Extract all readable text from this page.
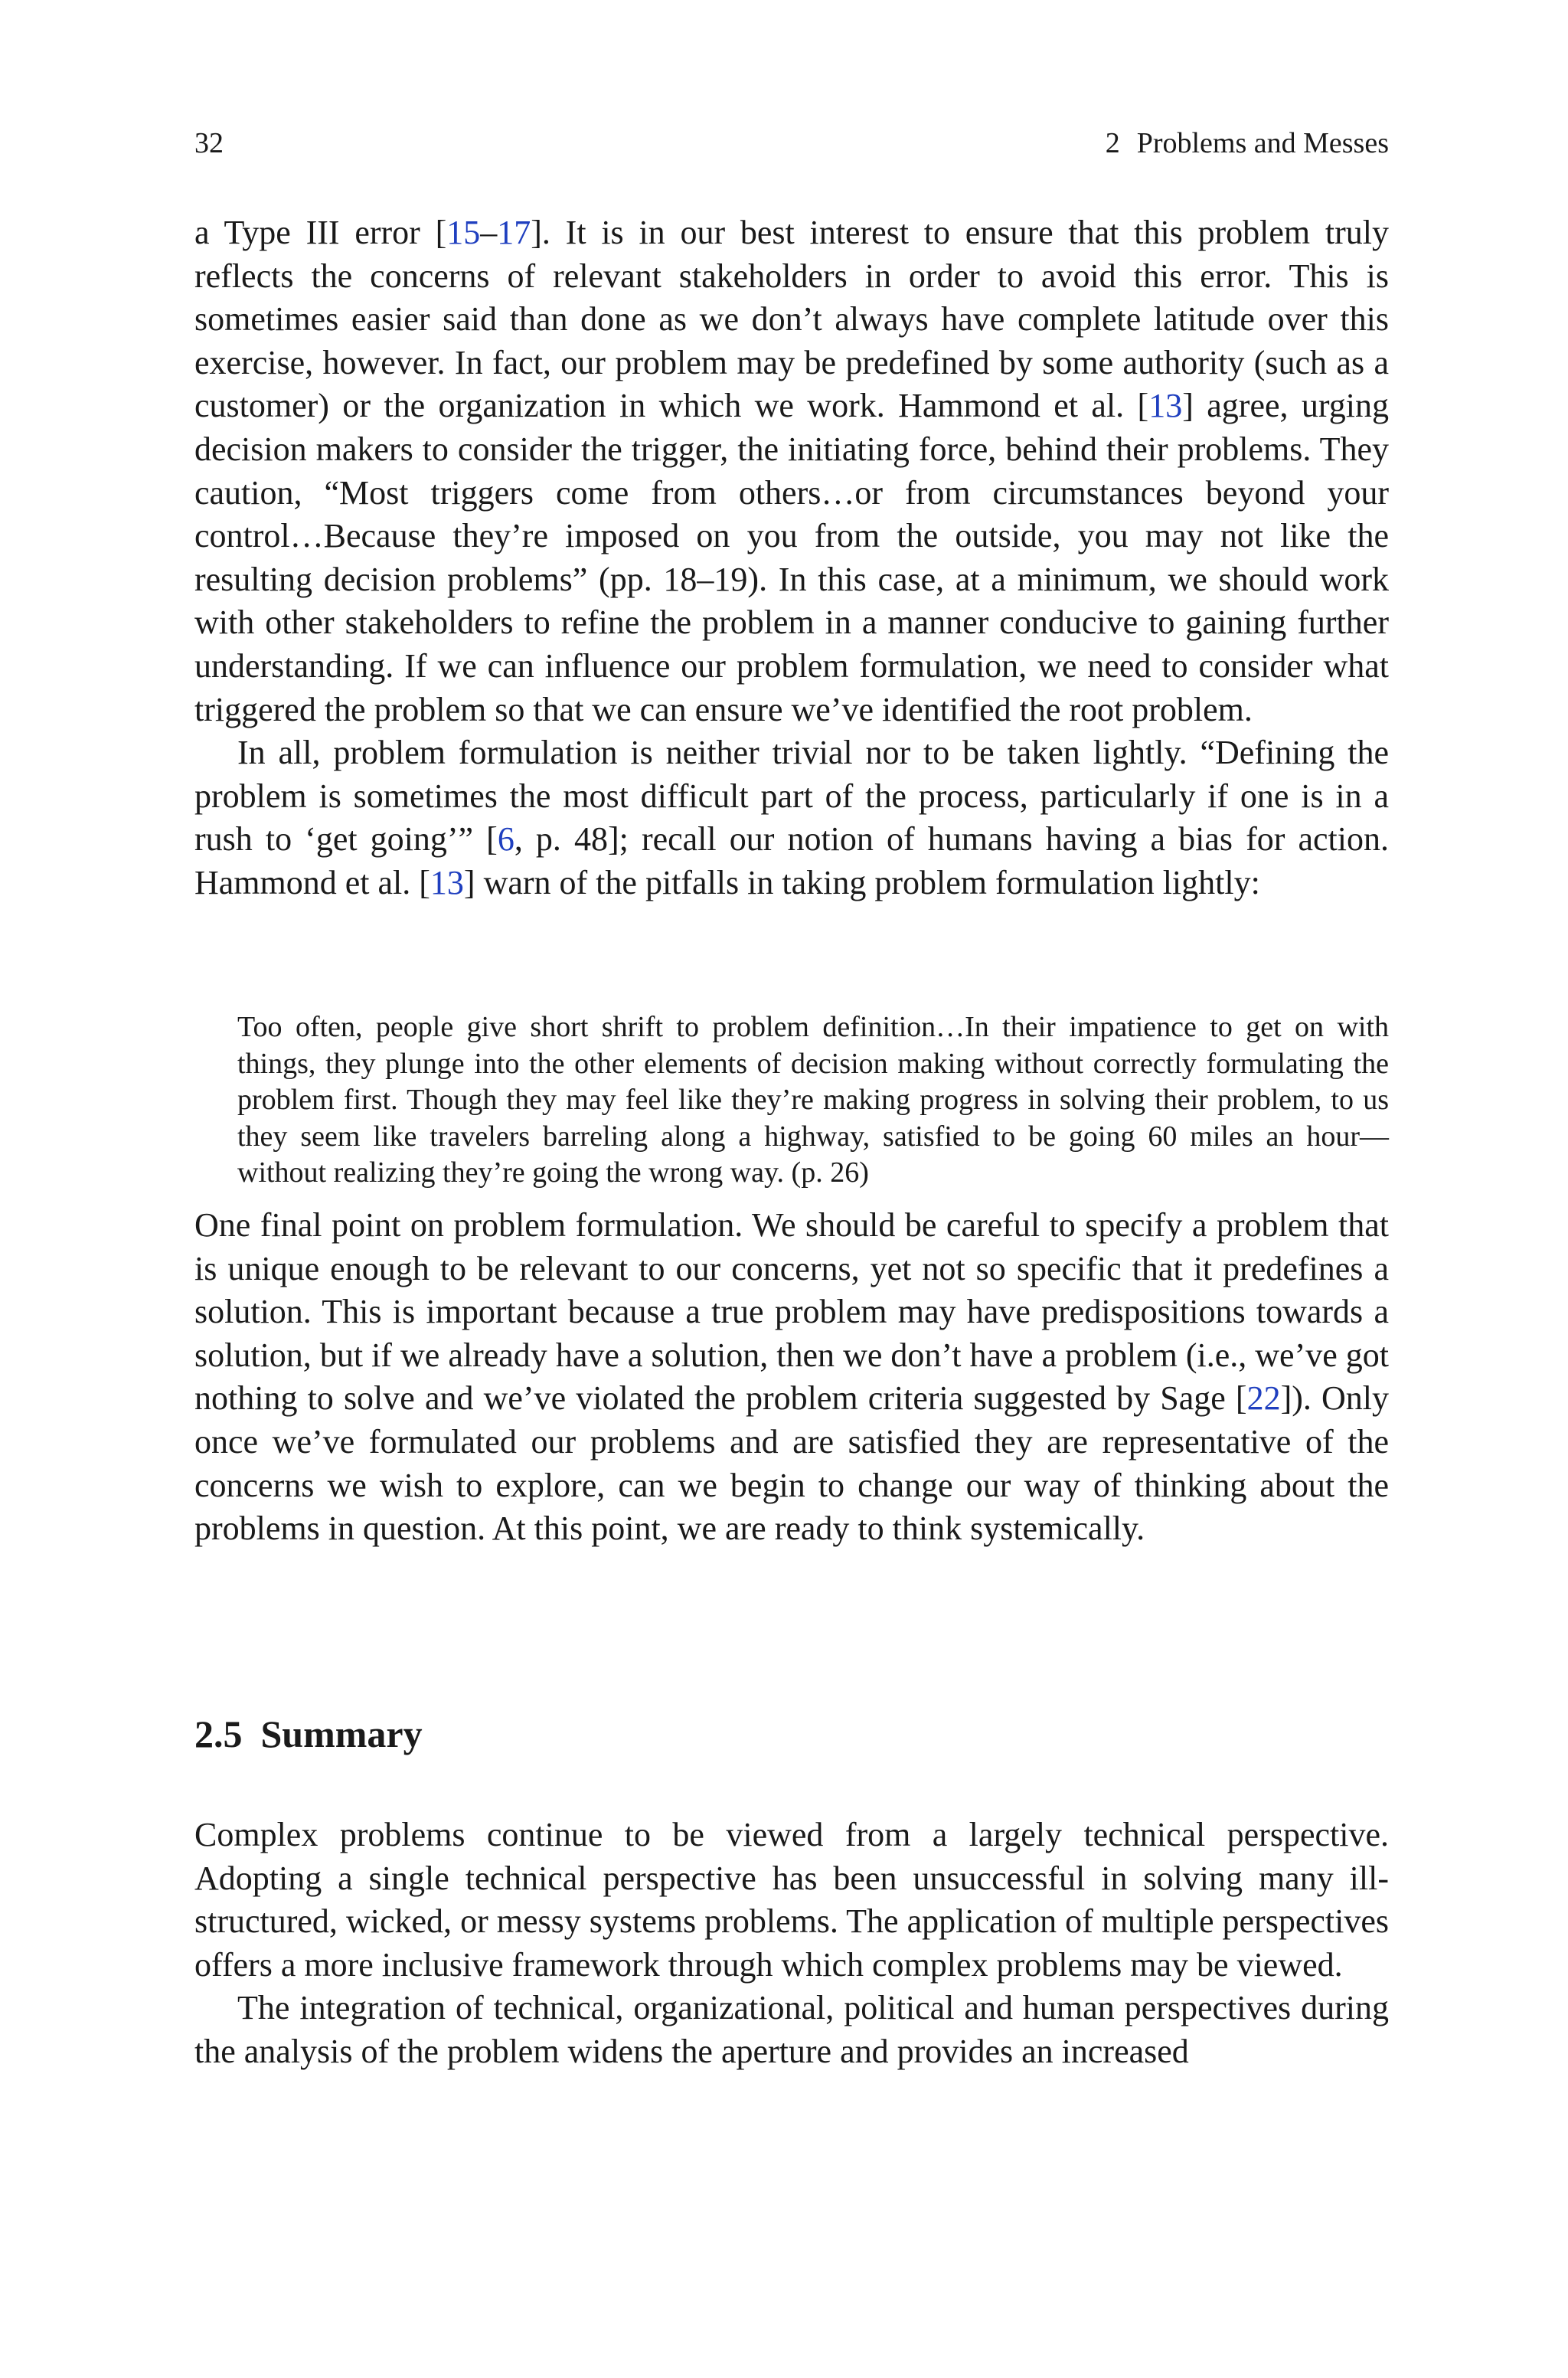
32	2 Problems and Messes

a Type III error [15–17]. It is in our best interest to ensure that this problem truly reflects the concerns of relevant stakeholders in order to avoid this error. This is sometimes easier said than done as we don’t always have complete latitude over this exercise, however. In fact, our problem may be predefined by some authority (such as a customer) or the organization in which we work. Hammond et al. [13] agree, urging decision makers to consider the trigger, the initiating force, behind their problems. They caution, “Most triggers come from others…or from circumstances beyond your control…Because they’re imposed on you from the outside, you may not like the resulting decision problems” (pp. 18–19). In this case, at a minimum, we should work with other stakeholders to refine the problem in a manner conducive to gaining further understanding. If we can influence our problem formulation, we need to consider what triggered the problem so that we can ensure we’ve identified the root problem.

In all, problem formulation is neither trivial nor to be taken lightly. “Defining the problem is sometimes the most difficult part of the process, particularly if one is in a rush to ‘get going’” [6, p. 48]; recall our notion of humans having a bias for action. Hammond et al. [13] warn of the pitfalls in taking problem formulation lightly:

Too often, people give short shrift to problem definition…In their impatience to get on with things, they plunge into the other elements of decision making without correctly formulating the problem first. Though they may feel like they’re making progress in solving their problem, to us they seem like travelers barreling along a highway, satisfied to be going 60 miles an hour—without realizing they’re going the wrong way. (p. 26)

One final point on problem formulation. We should be careful to specify a problem that is unique enough to be relevant to our concerns, yet not so specific that it predefines a solution. This is important because a true problem may have predispositions towards a solution, but if we already have a solution, then we don’t have a problem (i.e., we’ve got nothing to solve and we’ve violated the problem criteria suggested by Sage [22]). Only once we’ve formulated our problems and are satisfied they are representative of the concerns we wish to explore, can we begin to change our way of thinking about the problems in question. At this point, we are ready to think systemically.

2.5 Summary

Complex problems continue to be viewed from a largely technical perspective. Adopting a single technical perspective has been unsuccessful in solving many ill-structured, wicked, or messy systems problems. The application of multiple perspectives offers a more inclusive framework through which complex problems may be viewed.

The integration of technical, organizational, political and human perspectives during the analysis of the problem widens the aperture and provides an increased
